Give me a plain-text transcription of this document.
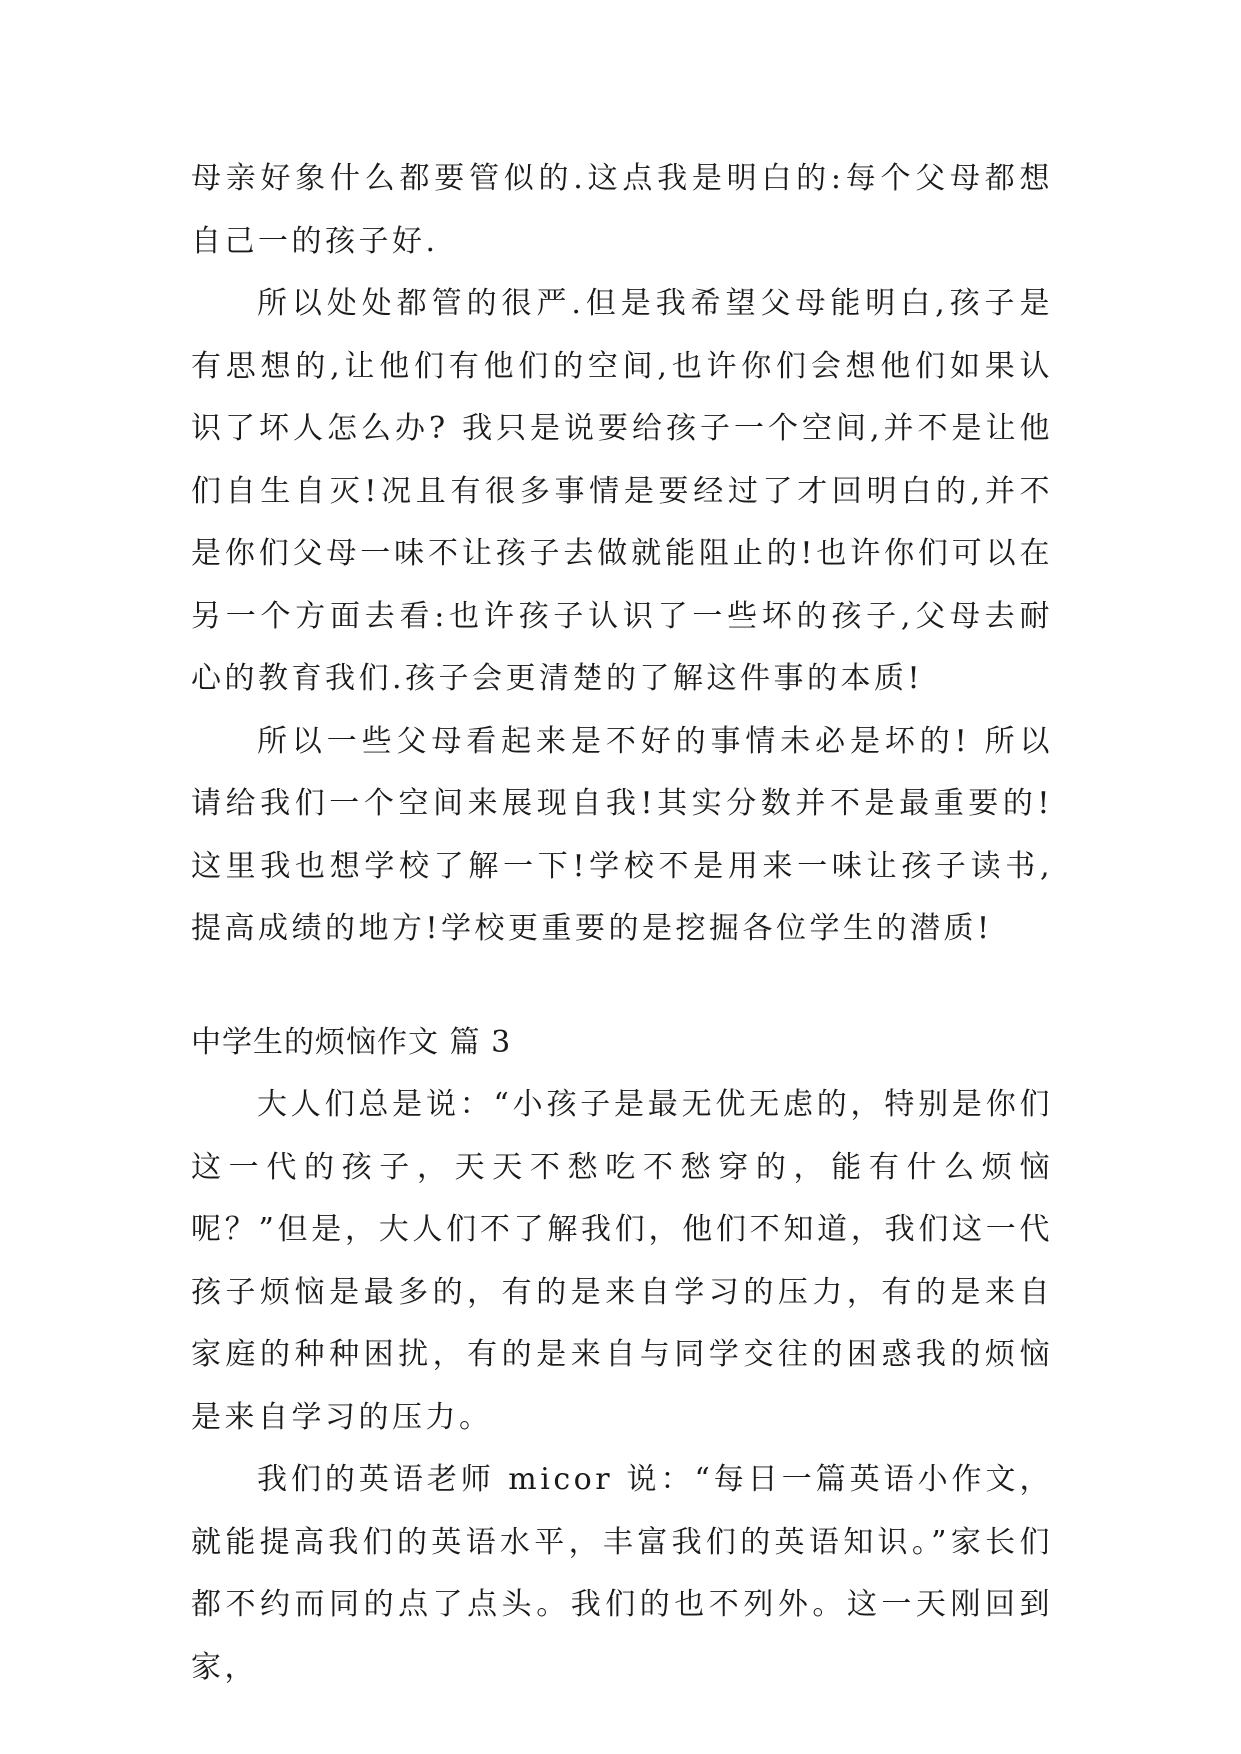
母亲好象什么都要管似的.这点我是明白的:每个父母都想自己一的孩子好.

所以处处都管的很严.但是我希望父母能明白,孩子是有思想的,让他们有他们的空间,也许你们会想他们如果认识了坏人怎么办? 我只是说要给孩子一个空间,并不是让他们自生自灭!况且有很多事情是要经过了才回明白的,并不是你们父母一味不让孩子去做就能阻止的!也许你们可以在另一个方面去看:也许孩子认识了一些坏的孩子,父母去耐心的教育我们.孩子会更清楚的了解这件事的本质!

所以一些父母看起来是不好的事情未必是坏的! 所以请给我们一个空间来展现自我!其实分数并不是最重要的! 这里我也想学校了解一下!学校不是用来一味让孩子读书,提高成绩的地方!学校更重要的是挖掘各位学生的潜质!

中学生的烦恼作文 篇 3

大人们总是说：“小孩子是最无优无虑的，特别是你们这一代的孩子，天天不愁吃不愁穿的，能有什么烦恼呢？”但是，大人们不了解我们，他们不知道，我们这一代孩子烦恼是最多的，有的是来自学习的压力，有的是来自家庭的种种困扰，有的是来自与同学交往的困惑我的烦恼是来自学习的压力。

我们的英语老师 micor 说：“每日一篇英语小作文，就能提高我们的英语水平，丰富我们的英语知识。”家长们都不约而同的点了点头。我们的也不列外。这一天刚回到家，
